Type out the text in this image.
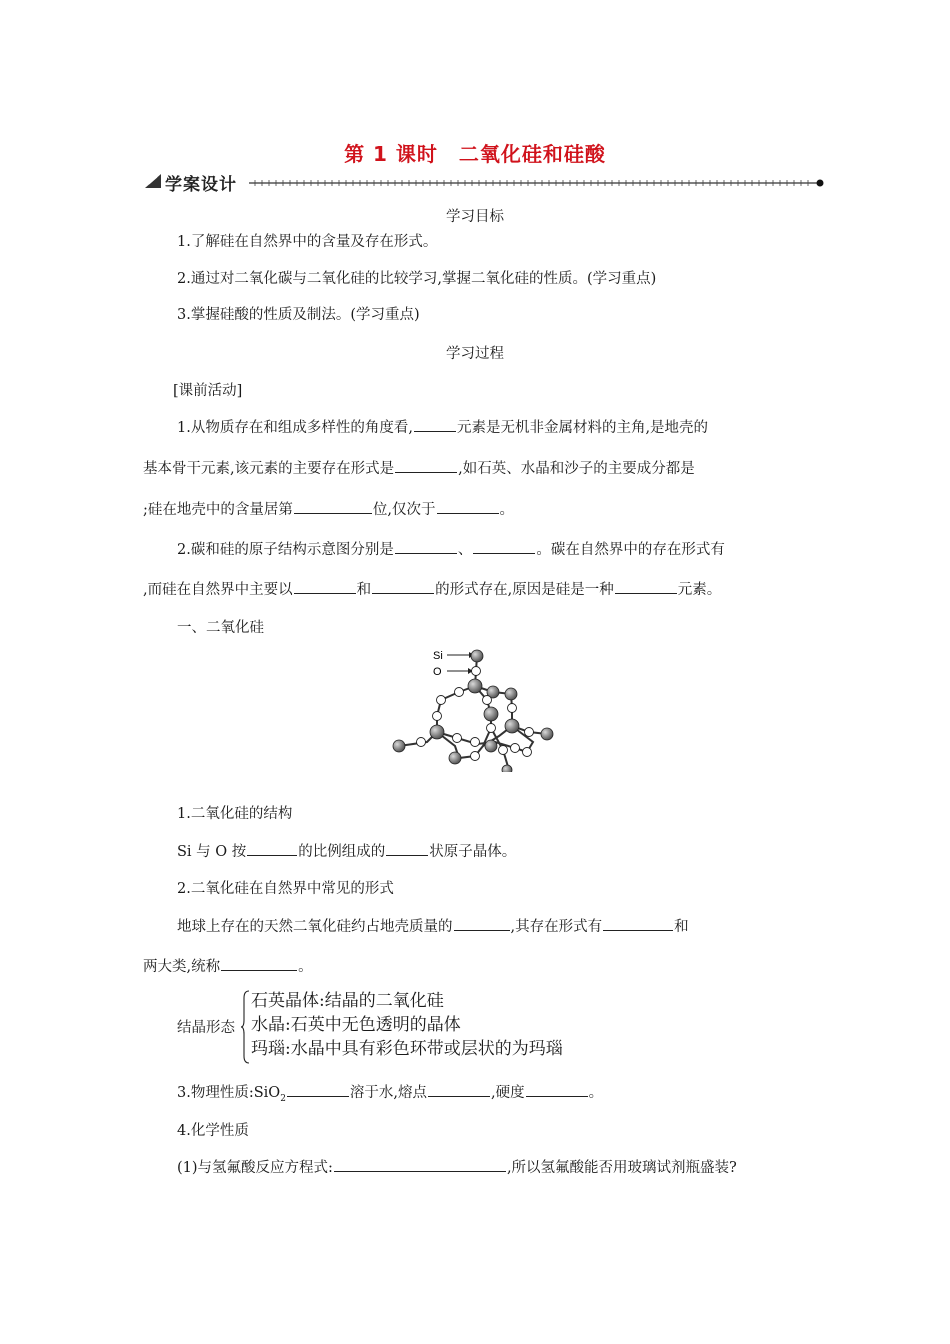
第 1 课时　二氧化硅和硅酸
学案设计
学习目标
1.了解硅在自然界中的含量及存在形式。
2.通过对二氧化碳与二氧化硅的比较学习,掌握二氧化硅的性质。(学习重点)
3.掌握硅酸的性质及制法。(学习重点)
学习过程
[课前活动]
1.从物质存在和组成多样性的角度看,	元素是无机非金属材料的主角,是地壳的
基本骨干元素,该元素的主要存在形式是	,如石英、水晶和沙子的主要成分都是
;硅在地壳中的含量居第	位,仅次于	。
2.碳和硅的原子结构示意图分别是	、	。碳在自然界中的存在形式有
,而硅在自然界中主要以	和	的形式存在,原因是硅是一种	元素。
一、二氧化硅
Si
O
1.二氧化硅的结构
Si 与 O 按	的比例组成的	状原子晶体。
2.二氧化硅在自然界中常见的形式
地球上存在的天然二氧化硅约占地壳质量的	,其存在形式有	和
两大类,统称	。
结晶形态
石英晶体:结晶的二氧化硅
水晶:石英中无色透明的晶体
玛瑙:水晶中具有彩色环带或层状的为玛瑙
3.物理性质:SiO$_2$	溶于水,熔点	,硬度	。
4.化学性质
(1)与氢氟酸反应方程式:	,所以氢氟酸能否用玻璃试剂瓶盛装?
